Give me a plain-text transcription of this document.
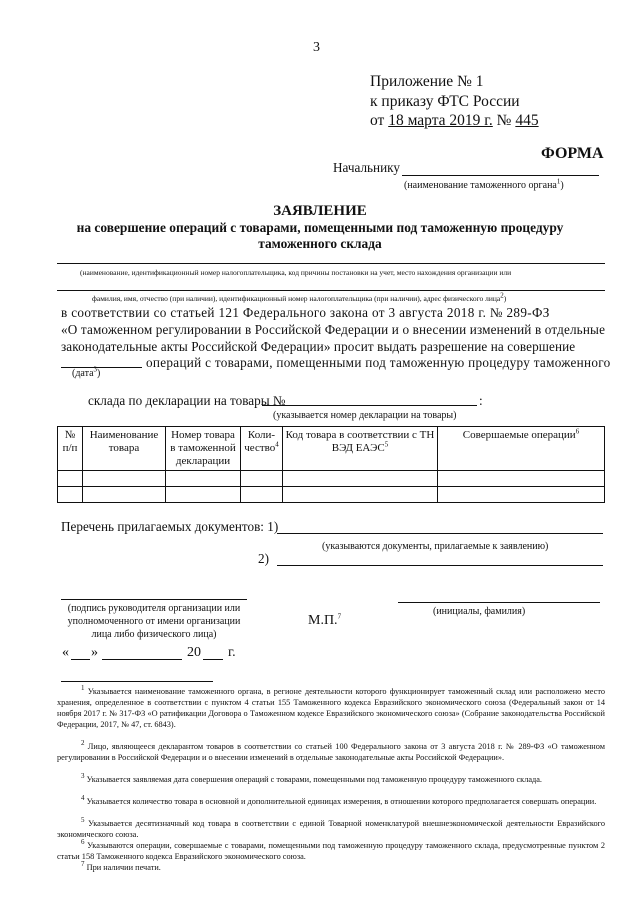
3
Приложение № 1
к приказу ФТС России
от 18 марта 2019 г. № 445
ФОРМА
Начальнику
(наименование таможенного органа$^1$)
ЗАЯВЛЕНИЕ
на совершение операций с товарами, помещенными под таможенную процедуру
таможенного склада
(наименование, идентификационный номер налогоплательщика, код причины постановки на учет, место нахождения организации или
фамилия, имя, отчество (при наличии), идентификационный номер налогоплательщика (при наличии), адрес физического лица$^2$)
в соответствии со статьей 121 Федерального закона от 3 августа 2018 г. № 289-ФЗ
«О таможенном регулировании в Российской Федерации и о внесении изменений в отдельные
законодательные акты Российской Федерации» просит выдать разрешение на совершение
операций с товарами, помещенными под таможенную процедуру таможенного
(дата$^3$)
склада по декларации на товары №	:
(указывается номер декларации на товары)
№ п/п	Наименование товара	Номер товара в таможенной декларации	Коли-чество$^4$	Код товара в соответствии с ТН ВЭД ЕАЭС$^5$	Совершаемые операции$^6$

Перечень прилагаемых документов: 1)
(указываются документы, прилагаемые к заявлению)
2)
(подпись руководителя организации или
уполномоченного от имени организации
лица либо физического лица)
М.П.$^7$	(инициалы, фамилия)
« »	20 г.
$^1$ Указывается наименование таможенного органа, в регионе деятельности которого функционирует таможенный склад или расположено место хранения, определенное в соответствии с пунктом 4 статьи 155 Таможенного кодекса Евразийского экономического союза (Федеральный закон от 14 ноября 2017 г. № 317-ФЗ «О ратификации Договора о Таможенном кодексе Евразийского экономического союза» (Собрание законодательства Российской Федерации, 2017, № 47, ст. 6843).
$^2$ Лицо, являющееся декларантом товаров в соответствии со статьей 100 Федерального закона от 3 августа 2018 г. № 289-ФЗ «О таможенном регулировании в Российской Федерации и о внесении изменений в отдельные законодательные акты Российской Федерации».
$^3$ Указывается заявляемая дата совершения операций с товарами, помещенными под таможенную процедуру таможенного склада.
$^4$ Указывается количество товара в основной и дополнительной единицах измерения, в отношении которого предполагается совершать операции.
$^5$ Указывается десятизначный код товара в соответствии с единой Товарной номенклатурой внешнеэкономической деятельности Евразийского экономического союза.
$^6$ Указываются операции, совершаемые с товарами, помещенными под таможенную процедуру таможенного склада, предусмотренные пунктом 2 статьи 158 Таможенного кодекса Евразийского экономического союза.
$^7$ При наличии печати.
